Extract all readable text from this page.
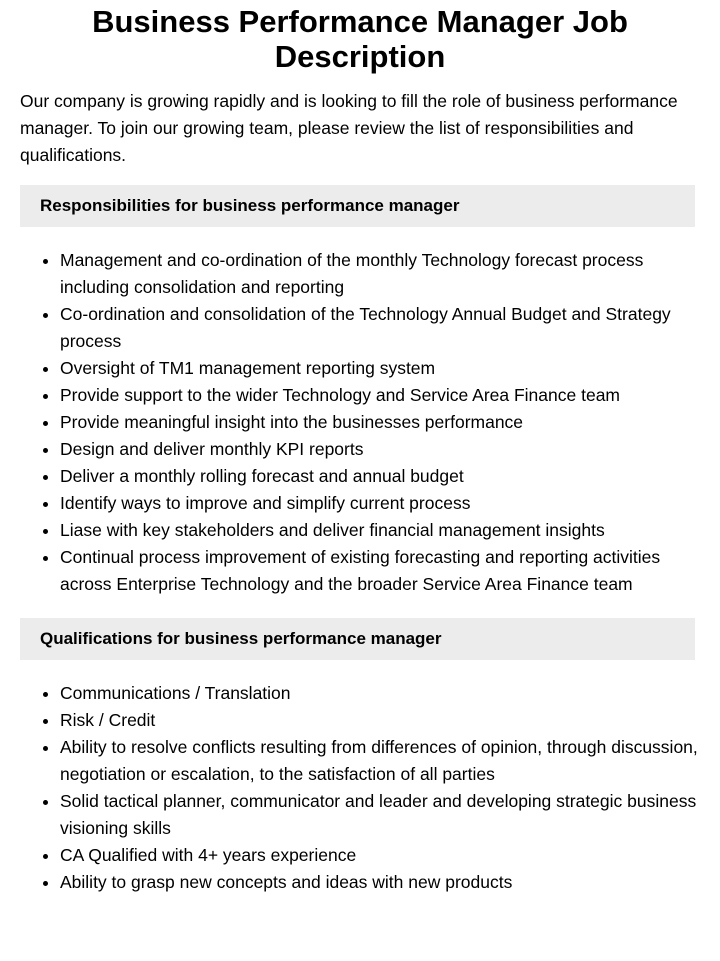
Business Performance Manager Job Description

Our company is growing rapidly and is looking to fill the role of business performance manager. To join our growing team, please review the list of responsibilities and qualifications.

Responsibilities for business performance manager
• Management and co-ordination of the monthly Technology forecast process including consolidation and reporting
• Co-ordination and consolidation of the Technology Annual Budget and Strategy process
• Oversight of TM1 management reporting system
• Provide support to the wider Technology and Service Area Finance team
• Provide meaningful insight into the businesses performance
• Design and deliver monthly KPI reports
• Deliver a monthly rolling forecast and annual budget
• Identify ways to improve and simplify current process
• Liase with key stakeholders and deliver financial management insights
• Continual process improvement of existing forecasting and reporting activities across Enterprise Technology and the broader Service Area Finance team
Qualifications for business performance manager
• Communications / Translation
• Risk / Credit
• Ability to resolve conflicts resulting from differences of opinion, through discussion, negotiation or escalation, to the satisfaction of all parties
• Solid tactical planner, communicator and leader and developing strategic business visioning skills
• CA Qualified with 4+ years experience
• Ability to grasp new concepts and ideas with new products
